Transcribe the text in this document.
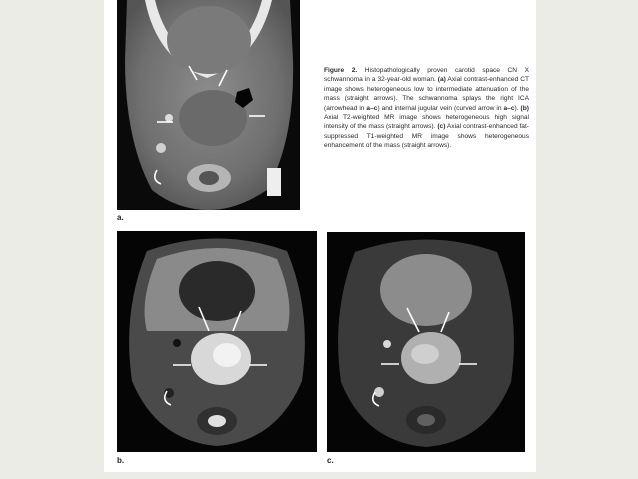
a.
Figure 2. Histopathologically proven carotid space CN X schwannoma in a 32-year-old woman. (a) Axial contrast-enhanced CT image shows heterogeneous low to intermediate attenuation of the mass (straight arrows). The schwannoma splays the right ICA (arrowhead in a–c) and internal jugular vein (curved arrow in a–c). (b) Axial T2-weighted MR image shows heterogeneous high signal intensity of the mass (straight arrows). (c) Axial contrast-enhanced fat-suppressed T1-weighted MR image shows heterogeneous enhancement of the mass (straight arrows).
b.	c.
